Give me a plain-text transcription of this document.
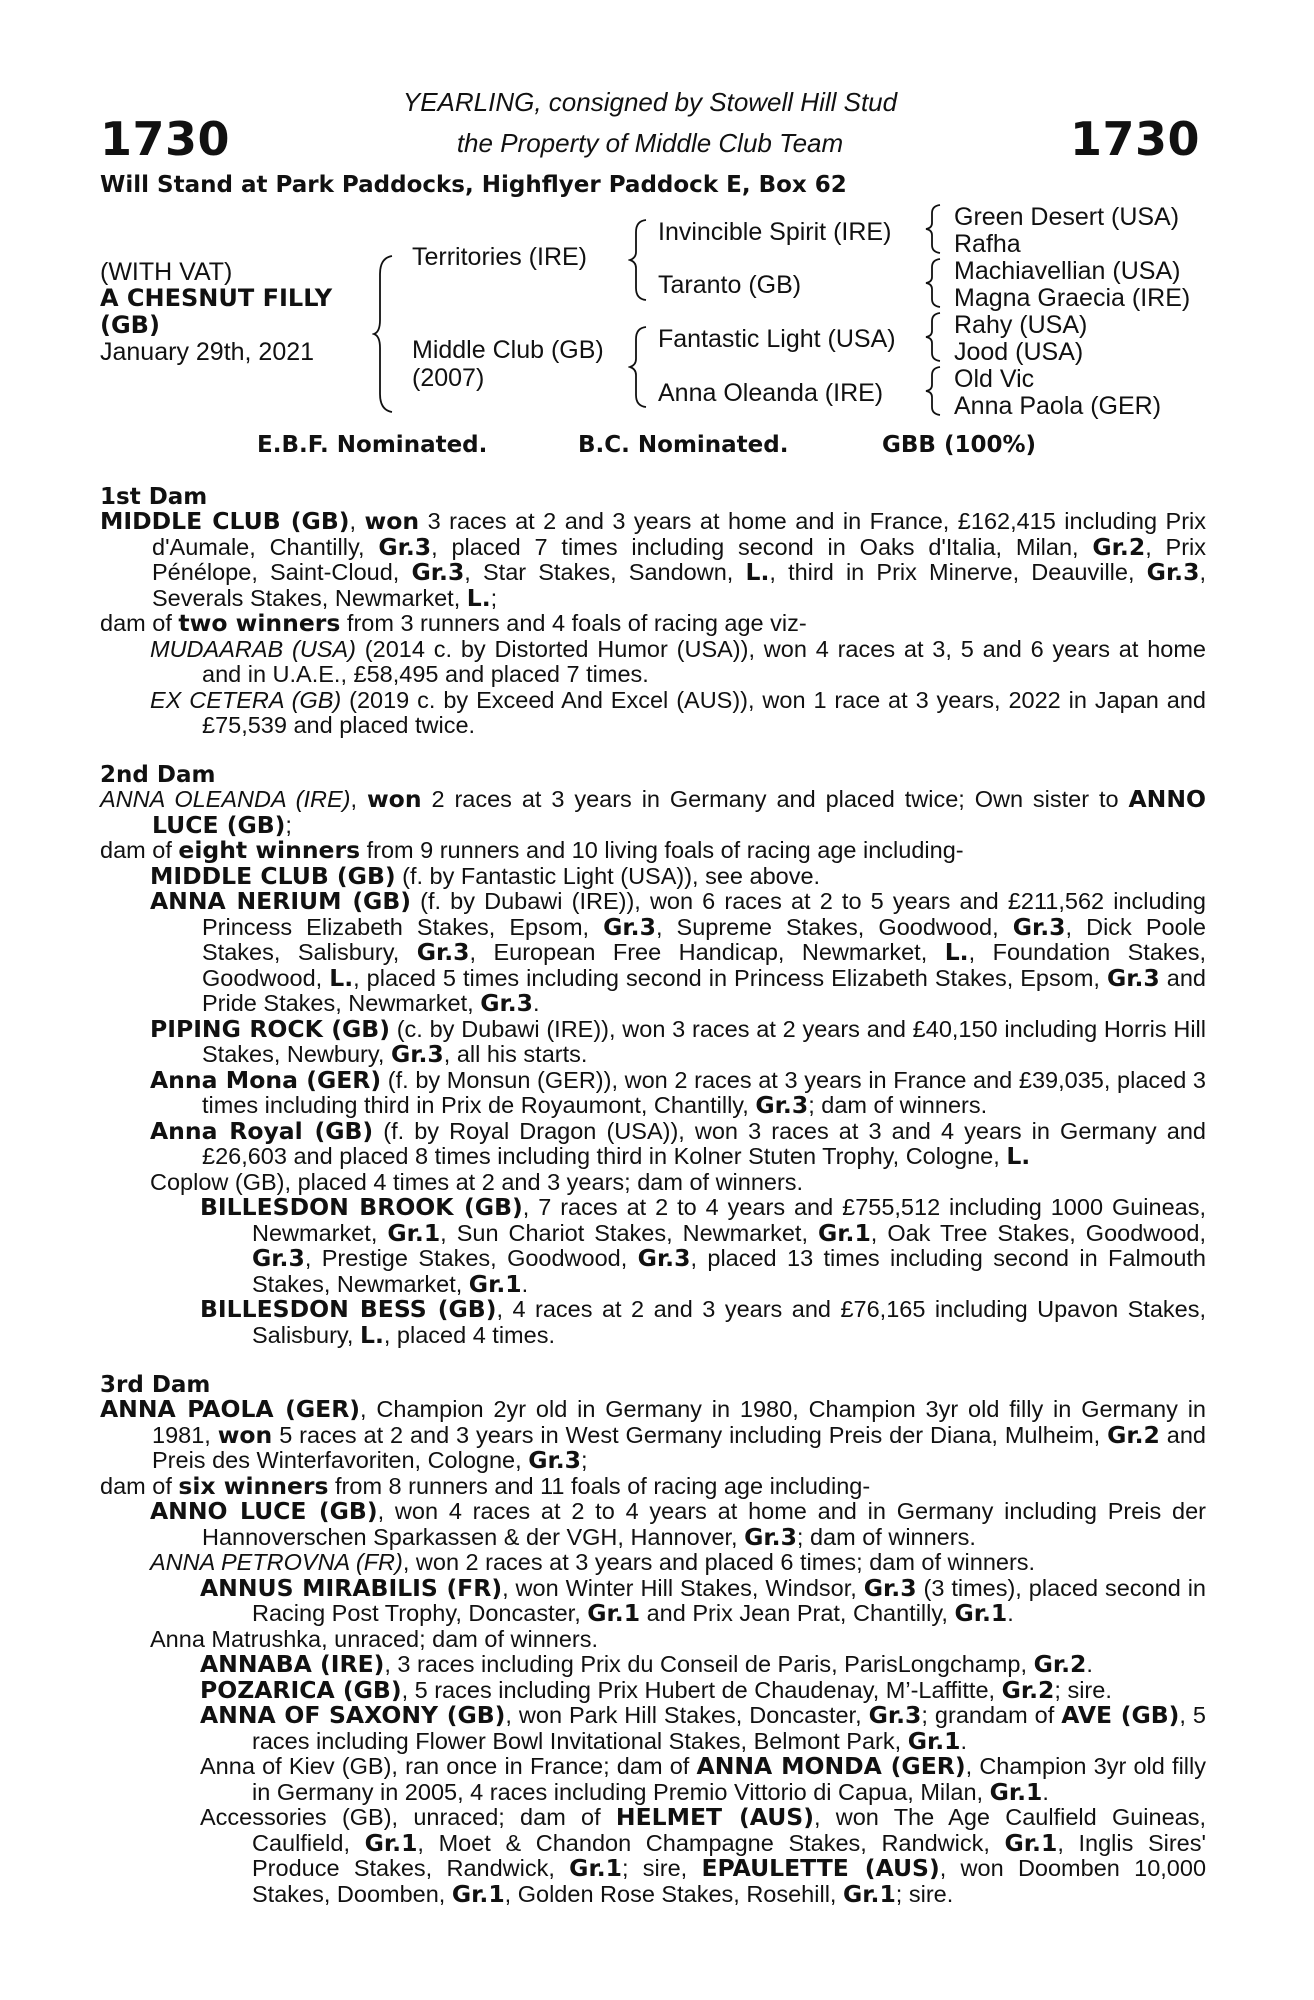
1730	1730
YEARLING, consigned by Stowell Hill Stud
the Property of Middle Club Team
Will Stand at Park Paddocks, Highflyer Paddock E, Box 62
(WITH VAT)
A CHESNUT FILLY
(GB)
January 29th, 2021
Territories (IRE)
Middle Club (GB)
(2007)
Invincible Spirit (IRE)
Taranto (GB)
Fantastic Light (USA)
Anna Oleanda (IRE)
Green Desert (USA)
Rafha
Machiavellian (USA)
Magna Graecia (IRE)
Rahy (USA)
Jood (USA)
Old Vic
Anna Paola (GER)
E.B.F. Nominated.	B.C. Nominated.	GBB (100%)
1st Dam

MIDDLE CLUB (GB), won 3 races at 2 and 3 years at home and in France, £162,415 including Prix d'Aumale, Chantilly, Gr.3, placed 7 times including second in Oaks d'Italia, Milan, Gr.2, Prix Pénélope, Saint-Cloud, Gr.3, Star Stakes, Sandown, L., third in Prix Minerve, Deauville, Gr.3, Severals Stakes, Newmarket, L.;

dam of two winners from 3 runners and 4 foals of racing age viz-

MUDAARAB (USA) (2014 c. by Distorted Humor (USA)), won 4 races at 3, 5 and 6 years at home and in U.A.E., £58,495 and placed 7 times.

EX CETERA (GB) (2019 c. by Exceed And Excel (AUS)), won 1 race at 3 years, 2022 in Japan and £75,539 and placed twice.

2nd Dam

ANNA OLEANDA (IRE), won 2 races at 3 years in Germany and placed twice; Own sister to ANNO LUCE (GB);

dam of eight winners from 9 runners and 10 living foals of racing age including-

MIDDLE CLUB (GB) (f. by Fantastic Light (USA)), see above.

ANNA NERIUM (GB) (f. by Dubawi (IRE)), won 6 races at 2 to 5 years and £211,562 including Princess Elizabeth Stakes, Epsom, Gr.3, Supreme Stakes, Goodwood, Gr.3, Dick Poole Stakes, Salisbury, Gr.3, European Free Handicap, Newmarket, L., Foundation Stakes, Goodwood, L., placed 5 times including second in Princess Elizabeth Stakes, Epsom, Gr.3 and Pride Stakes, Newmarket, Gr.3.

PIPING ROCK (GB) (c. by Dubawi (IRE)), won 3 races at 2 years and £40,150 including Horris Hill Stakes, Newbury, Gr.3, all his starts.

Anna Mona (GER) (f. by Monsun (GER)), won 2 races at 3 years in France and £39,035, placed 3 times including third in Prix de Royaumont, Chantilly, Gr.3; dam of winners.

Anna Royal (GB) (f. by Royal Dragon (USA)), won 3 races at 3 and 4 years in Germany and £26,603 and placed 8 times including third in Kolner Stuten Trophy, Cologne, L.

Coplow (GB), placed 4 times at 2 and 3 years; dam of winners.

BILLESDON BROOK (GB), 7 races at 2 to 4 years and £755,512 including 1000 Guineas, Newmarket, Gr.1, Sun Chariot Stakes, Newmarket, Gr.1, Oak Tree Stakes, Goodwood, Gr.3, Prestige Stakes, Goodwood, Gr.3, placed 13 times including second in Falmouth Stakes, Newmarket, Gr.1.

BILLESDON BESS (GB), 4 races at 2 and 3 years and £76,165 including Upavon Stakes, Salisbury, L., placed 4 times.

3rd Dam

ANNA PAOLA (GER), Champion 2yr old in Germany in 1980, Champion 3yr old filly in Germany in 1981, won 5 races at 2 and 3 years in West Germany including Preis der Diana, Mulheim, Gr.2 and Preis des Winterfavoriten, Cologne, Gr.3;

dam of six winners from 8 runners and 11 foals of racing age including-

ANNO LUCE (GB), won 4 races at 2 to 4 years at home and in Germany including Preis der Hannoverschen Sparkassen & der VGH, Hannover, Gr.3; dam of winners.

ANNA PETROVNA (FR), won 2 races at 3 years and placed 6 times; dam of winners.

ANNUS MIRABILIS (FR), won Winter Hill Stakes, Windsor, Gr.3 (3 times), placed second in Racing Post Trophy, Doncaster, Gr.1 and Prix Jean Prat, Chantilly, Gr.1.

Anna Matrushka, unraced; dam of winners.

ANNABA (IRE), 3 races including Prix du Conseil de Paris, ParisLongchamp, Gr.2.

POZARICA (GB), 5 races including Prix Hubert de Chaudenay, M’-Laffitte, Gr.2; sire.

ANNA OF SAXONY (GB), won Park Hill Stakes, Doncaster, Gr.3; grandam of AVE (GB), 5 races including Flower Bowl Invitational Stakes, Belmont Park, Gr.1.

Anna of Kiev (GB), ran once in France; dam of ANNA MONDA (GER), Champion 3yr old filly in Germany in 2005, 4 races including Premio Vittorio di Capua, Milan, Gr.1.

Accessories (GB), unraced; dam of HELMET (AUS), won The Age Caulfield Guineas, Caulfield, Gr.1, Moet & Chandon Champagne Stakes, Randwick, Gr.1, Inglis Sires' Produce Stakes, Randwick, Gr.1; sire, EPAULETTE (AUS), won Doomben 10,000 Stakes, Doomben, Gr.1, Golden Rose Stakes, Rosehill, Gr.1; sire.
